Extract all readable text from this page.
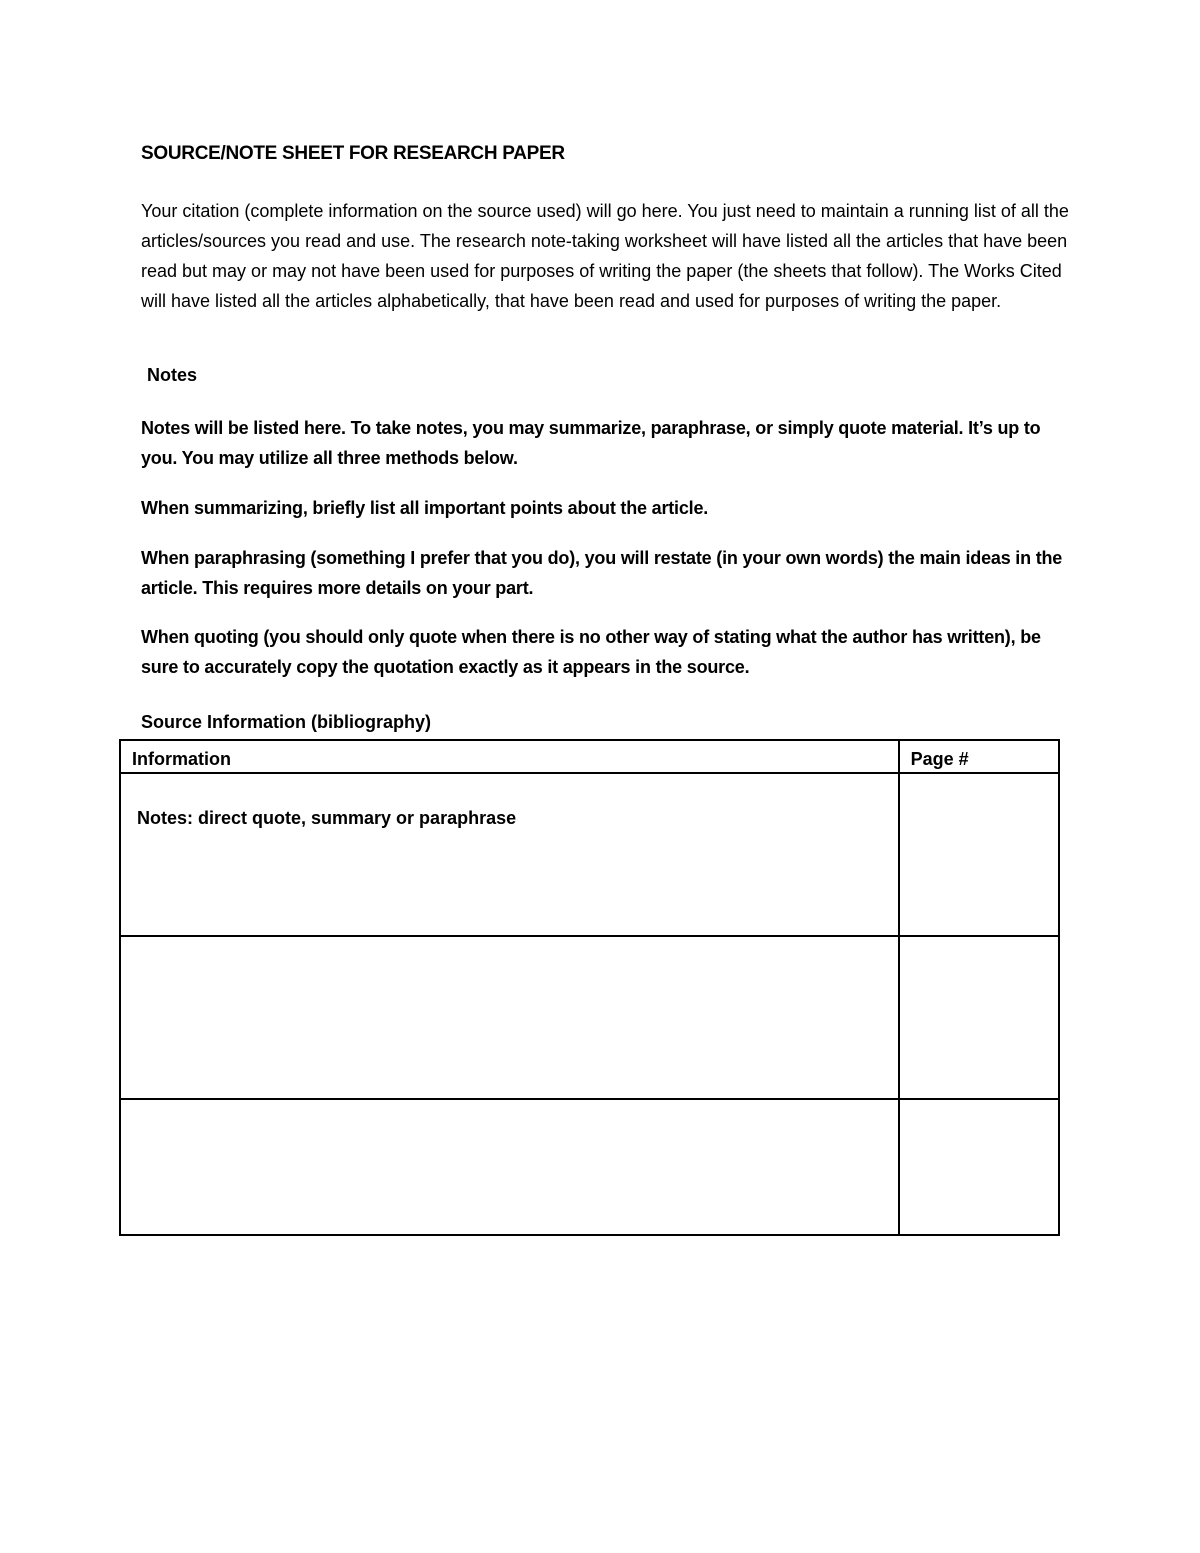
SOURCE/NOTE SHEET FOR RESEARCH PAPER

Your citation (complete information on the source used) will go here. You just need to maintain a running list of all the articles/sources you read and use. The research note-taking worksheet will have listed all the articles that have been read but may or may not have been used for purposes of writing the paper (the sheets that follow). The Works Cited will have listed all the articles alphabetically, that have been read and used for purposes of writing the paper.

Notes

Notes will be listed here. To take notes, you may summarize, paraphrase, or simply quote material. It’s up to you. You may utilize all three methods below.

When summarizing, briefly list all important points about the article.

When paraphrasing (something I prefer that you do), you will restate (in your own words) the main ideas in the article. This requires more details on your part.

When quoting (you should only quote when there is no other way of stating what the author has written), be sure to accurately copy the quotation exactly as it appears in the source.

Source Information (bibliography)
Information	Page #

Notes: direct quote, summary or paraphrase	
